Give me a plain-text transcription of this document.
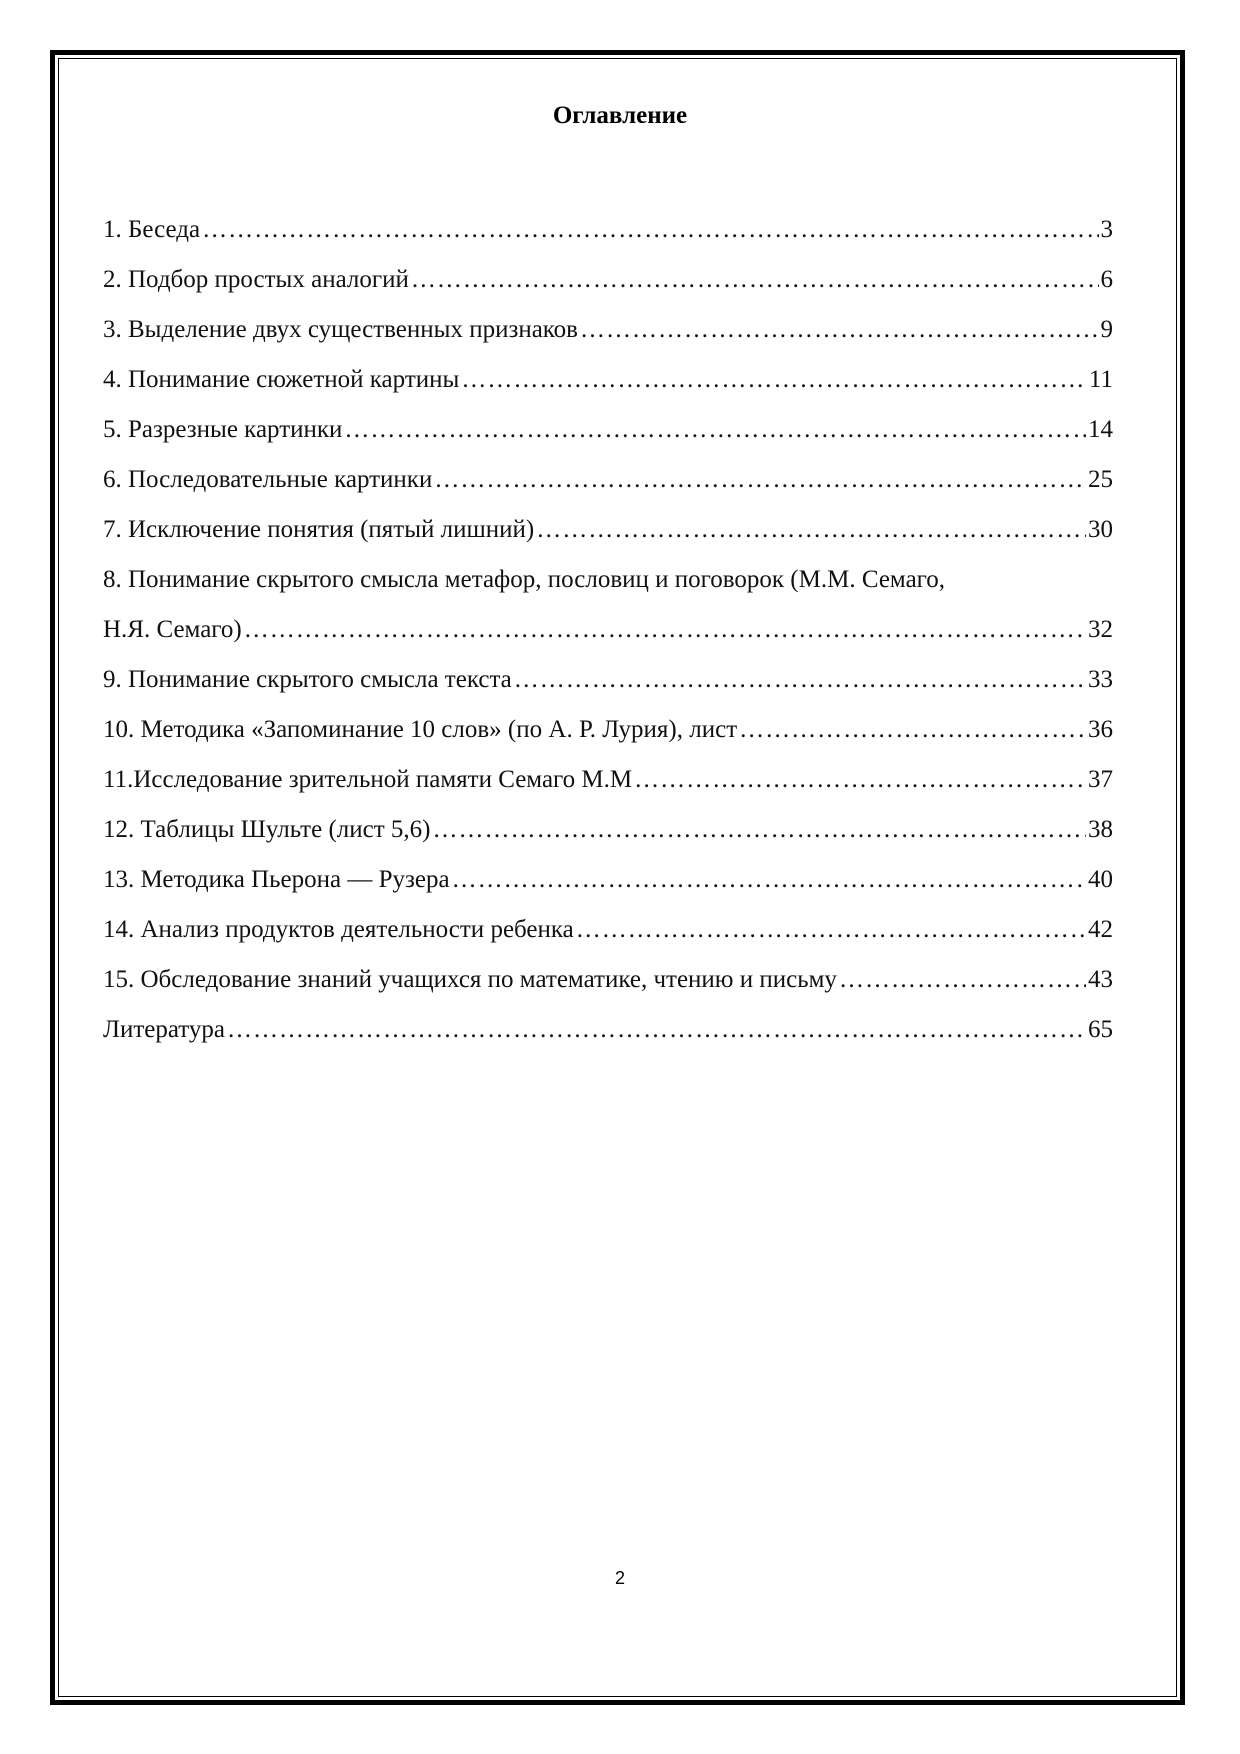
Оглавление
1. Беседа …………………………………………………………………………………………………………………………………………………………………………	3
2. Подбор простых аналогий …………………………………………………………………………………………………………………………………………………………………………	6
3. Выделение двух существенных признаков …………………………………………………………………………………………………………………………………………………………………………	9
4. Понимание сюжетной картины …………………………………………………………………………………………………………………………………………………………………………	11
5. Разрезные картинки …………………………………………………………………………………………………………………………………………………………………………	14
6. Последовательные картинки …………………………………………………………………………………………………………………………………………………………………………	25
7. Исключение понятия (пятый лишний) …………………………………………………………………………………………………………………………………………………………………………	30
8. Понимание скрытого смысла метафор, пословиц и поговорок (М.М. Семаго,
Н.Я. Семаго) …………………………………………………………………………………………………………………………………………………………………………	32
9. Понимание скрытого смысла текста …………………………………………………………………………………………………………………………………………………………………………	33
10. Методика «Запоминание 10 слов» (по А. Р. Лурия), лист …………………………………………………………………………………………………………………………………………………………………………	36
11.Исследование зрительной памяти Семаго М.М …………………………………………………………………………………………………………………………………………………………………………	37
12. Таблицы Шульте (лист 5,6) …………………………………………………………………………………………………………………………………………………………………………	38
13. Методика Пьерона — Рузера …………………………………………………………………………………………………………………………………………………………………………	40
14. Анализ продуктов деятельности ребенка …………………………………………………………………………………………………………………………………………………………………………	42
15. Обследование знаний учащихся по математике, чтению и письму …………………………………………………………………………………………………………………………………………………………………………	43
Литература …………………………………………………………………………………………………………………………………………………………………………	65
2
